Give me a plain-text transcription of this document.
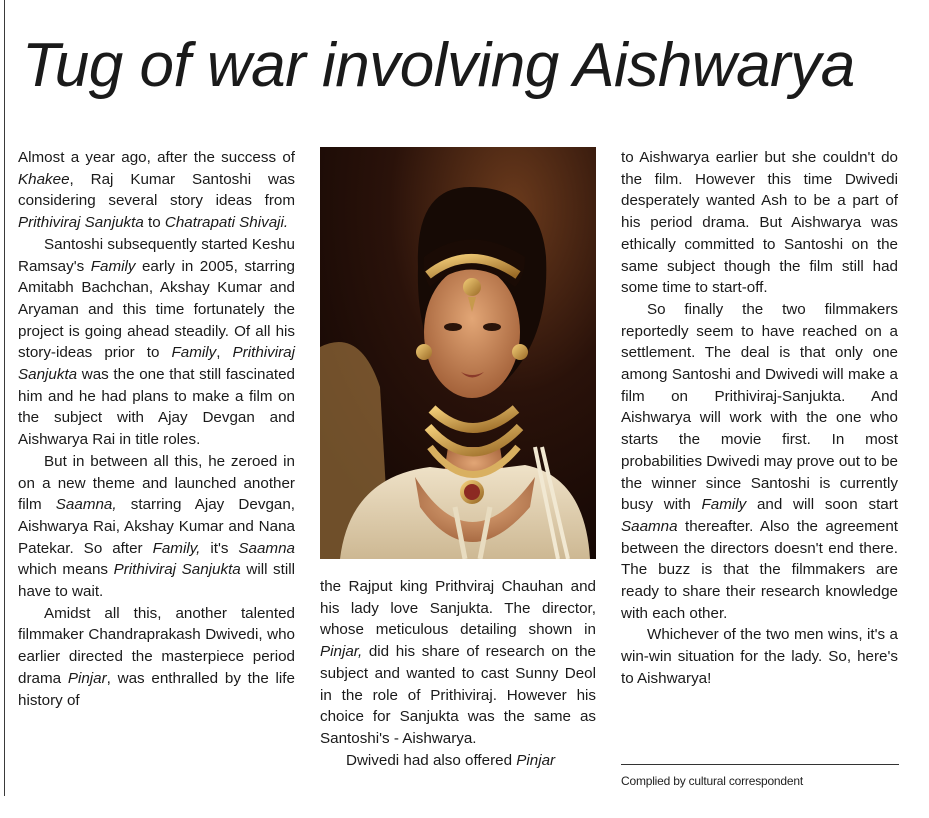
Tug of war involving Aishwarya

Almost a year ago, after the success of Khakee, Raj Kumar Santoshi was considering several story ideas from Prithiviraj Sanjukta to Chatrapati Shivaji.

Santoshi subsequently started Keshu Ramsay's Family early in 2005, starring Amitabh Bachchan, Akshay Kumar and Aryaman and this time fortunately the project is going ahead steadily. Of all his story-ideas prior to Family, Prithiviraj Sanjukta was the one that still fascinated him and he had plans to make a film on the subject with Ajay Devgan and Aishwarya Rai in title roles.

But in between all this, he zeroed in on a new theme and launched another film Saamna, starring Ajay Devgan, Aishwarya Rai, Akshay Kumar and Nana Patekar. So after Family, it's Saamna which means Prithiviraj Sanjukta will still have to wait.

Amidst all this, another talented filmmaker Chandraprakash Dwivedi, who earlier directed the masterpiece period drama Pinjar, was enthralled by the life history of

the Rajput king Prithviraj Chauhan and his lady love Sanjukta. The director, whose meticulous detailing shown in Pinjar, did his share of research on the subject and wanted to cast Sunny Deol in the role of Prithiviraj. However his choice for Sanjukta was the same as Santoshi's - Aishwarya.

Dwivedi had also offered Pinjar

to Aishwarya earlier but she couldn't do the film. However this time Dwivedi desperately wanted Ash to be a part of his period drama. But Aishwarya was ethically committed to Santoshi on the same subject though the film still had some time to start-off.

So finally the two filmmakers reportedly seem to have reached on a settlement. The deal is that only one among Santoshi and Dwivedi will make a film on Prithiviraj-Sanjukta. And Aishwarya will work with the one who starts the movie first. In most probabilities Dwivedi may prove out to be the winner since Santoshi is currently busy with Family and will soon start Saamna thereafter. Also the agreement between the directors doesn't end there. The buzz is that the filmmakers are ready to share their research knowledge with each other.

Whichever of the two men wins, it's a win-win situation for the lady. So, here's to Aishwarya!

Complied by cultural correspondent
